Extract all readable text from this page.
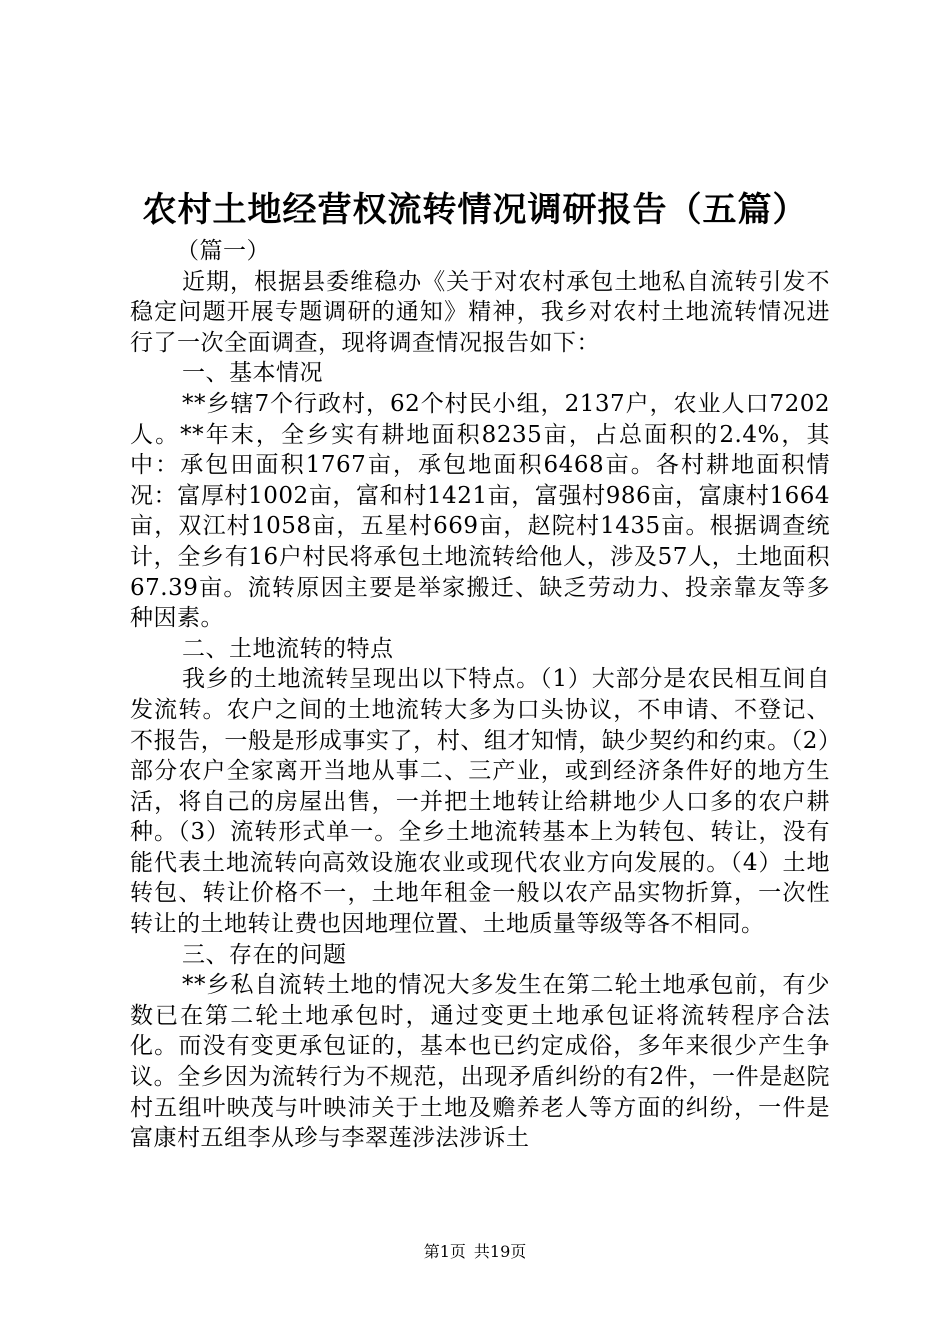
农村土地经营权流转情况调研报告（五篇）
（篇一）

近期，根据县委维稳办《关于对农村承包土地私自流转引发不稳定问题开展专题调研的通知》精神，我乡对农村土地流转情况进行了一次全面调查，现将调查情况报告如下：

一、基本情况

**乡辖7个行政村，62个村民小组，2137户，农业人口7202人。**年末，全乡实有耕地面积8235亩，占总面积的2.4%，其中：承包田面积1767亩，承包地面积6468亩。各村耕地面积情况：富厚村1002亩，富和村1421亩，富强村986亩，富康村1664亩，双江村1058亩，五星村669亩，赵院村1435亩。根据调查统计，全乡有16户村民将承包土地流转给他人，涉及57人，土地面积67.39亩。流转原因主要是举家搬迁、缺乏劳动力、投亲靠友等多种因素。

二、土地流转的特点

我乡的土地流转呈现出以下特点。（1）大部分是农民相互间自发流转。农户之间的土地流转大多为口头协议，不申请、不登记、不报告，一般是形成事实了，村、组才知情，缺少契约和约束。（2）部分农户全家离开当地从事二、三产业，或到经济条件好的地方生活，将自己的房屋出售，一并把土地转让给耕地少人口多的农户耕种。（3）流转形式单一。全乡土地流转基本上为转包、转让，没有能代表土地流转向高效设施农业或现代农业方向发展的。（4）土地转包、转让价格不一，土地年租金一般以农产品实物折算，一次性转让的土地转让费也因地理位置、土地质量等级等各不相同。

三、存在的问题

**乡私自流转土地的情况大多发生在第二轮土地承包前，有少数已在第二轮土地承包时，通过变更土地承包证将流转程序合法化。而没有变更承包证的，基本也已约定成俗，多年来很少产生争议。全乡因为流转行为不规范，出现矛盾纠纷的有2件，一件是赵院村五组叶映茂与叶映沛关于土地及赡养老人等方面的纠纷，一件是富康村五组李从珍与李翠莲涉法涉诉土

第1页 共19页
